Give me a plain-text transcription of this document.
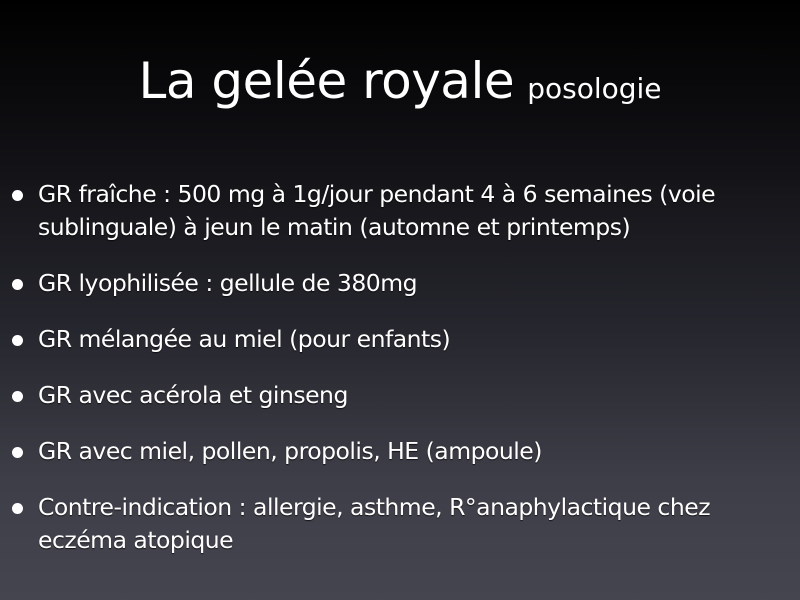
La gelée royale posologie
GR fraîche : 500 mg à 1g/jour pendant 4 à 6 semaines (voie sublinguale) à jeun le matin (automne et printemps)
GR lyophilisée : gellule de 380mg
GR mélangée au miel (pour enfants)
GR avec acérola et ginseng
GR avec miel, pollen, propolis, HE (ampoule)
Contre-indication : allergie, asthme, R°anaphylactique chez eczéma atopique
